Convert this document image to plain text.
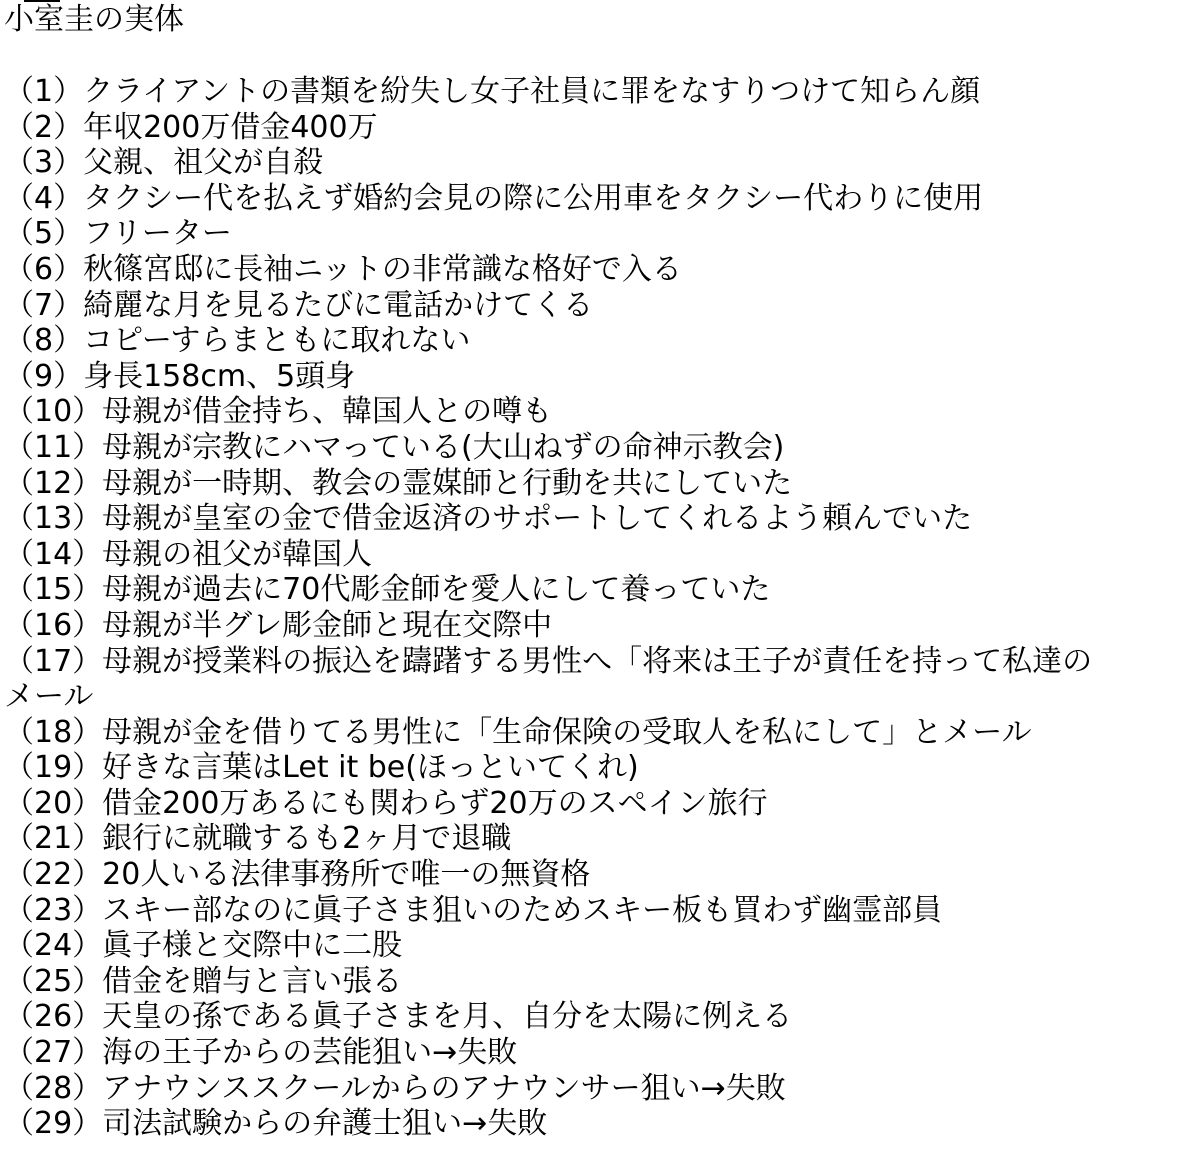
小室圭の実体
（1）クライアントの書類を紛失し女子社員に罪をなすりつけて知らん顔
（2）年収200万借金400万
（3）父親、祖父が自殺
（4）タクシー代を払えず婚約会見の際に公用車をタクシー代わりに使用
（5）フリーター
（6）秋篠宮邸に長袖ニットの非常識な格好で入る
（7）綺麗な月を見るたびに電話かけてくる
（8）コピーすらまともに取れない
（9）身長158cm、5頭身
（10）母親が借金持ち、韓国人との噂も
（11）母親が宗教にハマっている(大山ねずの命神示教会)
（12）母親が一時期、教会の霊媒師と行動を共にしていた
（13）母親が皇室の金で借金返済のサポートしてくれるよう頼んでいた
（14）母親の祖父が韓国人
（15）母親が過去に70代彫金師を愛人にして養っていた
（16）母親が半グレ彫金師と現在交際中
（17）母親が授業料の振込を躊躇する男性へ「将来は王子が責任を持って私達の
メール
（18）母親が金を借りてる男性に「生命保険の受取人を私にして」とメール
（19）好きな言葉はLet it be(ほっといてくれ)
（20）借金200万あるにも関わらず20万のスペイン旅行
（21）銀行に就職するも2ヶ月で退職
（22）20人いる法律事務所で唯一の無資格
（23）スキー部なのに眞子さま狙いのためスキー板も買わず幽霊部員
（24）眞子様と交際中に二股
（25）借金を贈与と言い張る
（26）天皇の孫である眞子さまを月、自分を太陽に例える
（27）海の王子からの芸能狙い→失敗
（28）アナウンススクールからのアナウンサー狙い→失敗
（29）司法試験からの弁護士狙い→失敗
